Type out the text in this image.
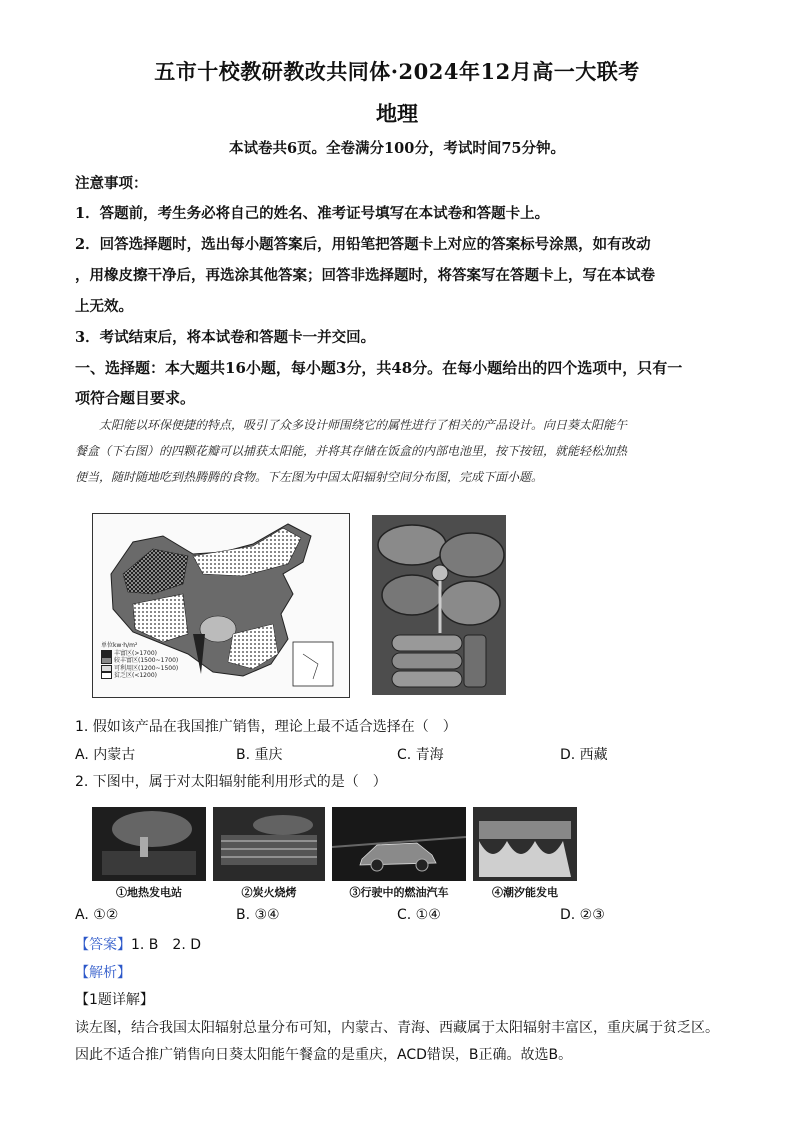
五市十校教研教改共同体·2024年12月高一大联考
地理
本试卷共6页。全卷满分100分，考试时间75分钟。
注意事项：
1．答题前，考生务必将自己的姓名、准考证号填写在本试卷和答题卡上。
2．回答选择题时，选出每小题答案后，用铅笔把答题卡上对应的答案标号涂黑，如有改动
，用橡皮擦干净后，再选涂其他答案；回答非选择题时，将答案写在答题卡上，写在本试卷
上无效。
3．考试结束后，将本试卷和答题卡一并交回。
一、选择题：本大题共16小题，每小题3分，共48分。在每小题给出的四个选项中，只有一
项符合题目要求。

太阳能以环保便捷的特点，吸引了众多设计师围绕它的属性进行了相关的产品设计。向日葵太阳能午

餐盒（下右图）的四颗花瓣可以捕获太阳能，并将其存储在饭盒的内部电池里，按下按钮，就能轻松加热

便当，随时随地吃到热腾腾的食物。下左图为中国太阳辐射空间分布图，完成下面小题。

单位kw·h/m²
丰富区(>1700)
较丰富区(1500~1700)
可利用区(1200~1500)
贫乏区(<1200)
1. 假如该产品在我国推广销售，理论上最不适合选择在（　）
A. 内蒙古	B. 重庆	C. 青海	D. 西藏
2. 下图中，属于对太阳辐射能利用形式的是（　）
①地热发电站	②炭火烧烤	③行驶中的燃油汽车	④潮汐能发电
A. ①②	B. ③④	C. ①④	D. ②③
【答案】1. B　2. D
【解析】
【1题详解】
读左图，结合我国太阳辐射总量分布可知，内蒙古、青海、西藏属于太阳辐射丰富区，重庆属于贫乏区。
因此不适合推广销售向日葵太阳能午餐盒的是重庆，ACD错误，B正确。故选B。
